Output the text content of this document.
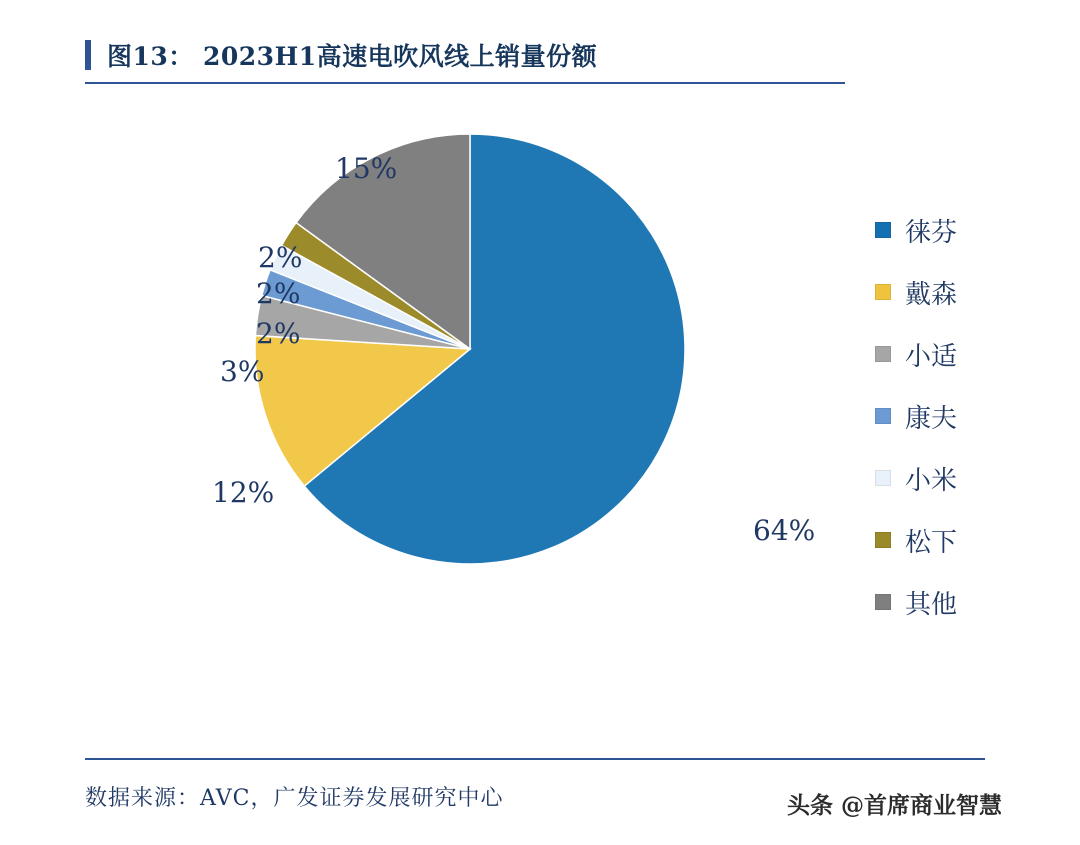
图13： 2023H1高速电吹风线上销量份额
15%
2%
2%
2%
3%
12%
64%
徕芬
戴森
小适
康夫
小米
松下
其他
数据来源：AVC，广发证券发展研究中心	头条 @首席商业智慧
